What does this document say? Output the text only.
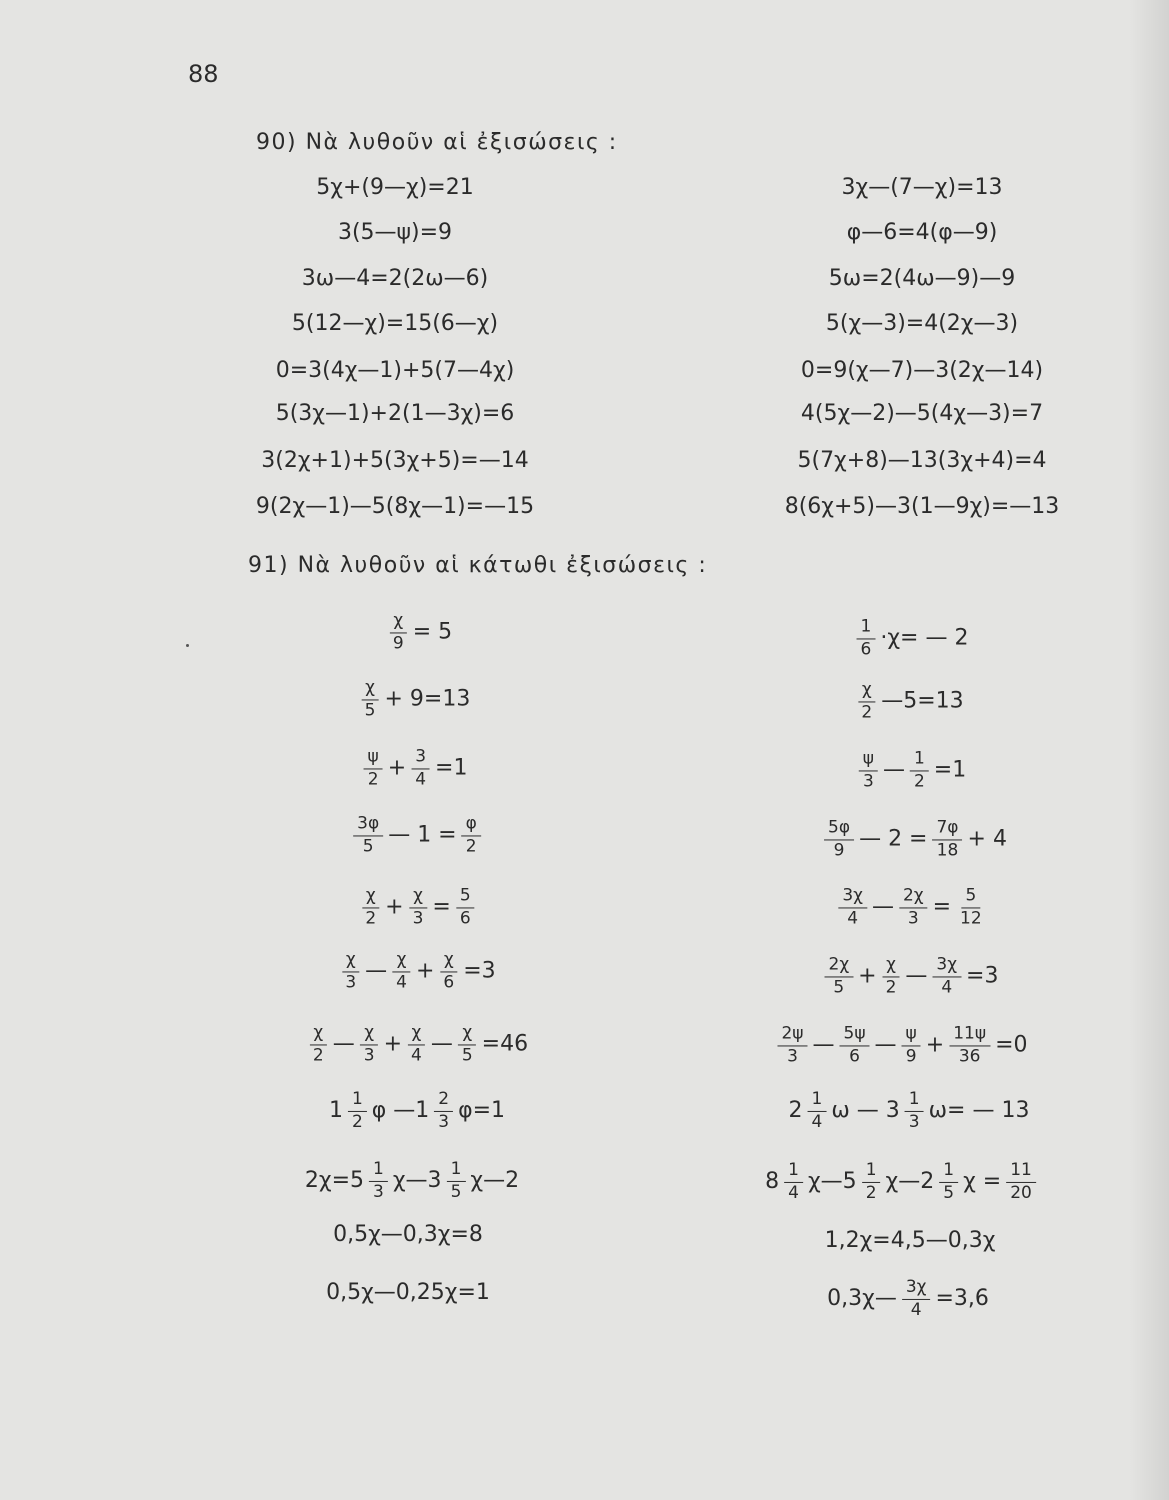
88
90) Νὰ λυθοῦν αἱ ἐξισώσεις :
5χ+(9—χ)=21
3(5—ψ)=9
3ω—4=2(2ω—6)
5(12—χ)=15(6—χ)
0=3(4χ—1)+5(7—4χ)
5(3χ—1)+2(1—3χ)=6
3(2χ+1)+5(3χ+5)=—14
9(2χ—1)—5(8χ—1)=—15
3χ—(7—χ)=13
φ—6=4(φ—9)
5ω=2(4ω—9)—9
5(χ—3)=4(2χ—3)
0=9(χ—7)—3(2χ—14)
4(5χ—2)—5(4χ—3)=7
5(7χ+8)—13(3χ+4)=4
8(6χ+5)—3(1—9χ)=—13
91) Νὰ λυθοῦν αἱ κάτωθι ἐξισώσεις :
$\frac{\chi}{9} = 5$
$\frac{\chi}{5} + 9=13$
$\frac{\psi}{2} + \frac{3}{4} =1$
$\frac{3\varphi}{5}$ — $1 = \frac{\varphi}{2}$
$\frac{\chi}{2} + \frac{\chi}{3} = \frac{5}{6}$
$\frac{\chi}{3}$ — $\frac{\chi}{4} + \frac{\chi}{6} =3$
$\frac{\chi}{2}$ — $\frac{\chi}{3} + \frac{\chi}{4}$ — $\frac{\chi}{5} =46$
$1 \frac{1}{2}$ φ —1 $\frac{2}{3} \varphi=1$
$2\chi=5 \frac{1}{3}$ χ—3 $\frac{1}{5}$ χ—2
0,5χ—0,3χ=8
0,5χ—0,25χ=1
$\frac{1}{6} \cdot\chi=$ — 2
$\frac{\chi}{2}$ —5=13
$\frac{\psi}{3}$ — $\frac{1}{2} =1$
$\frac{5\varphi}{9}$ — $2 = \frac{7\varphi}{18} + 4$
$\frac{3\chi}{4}$ — $\frac{2\chi}{3} = \frac{5}{12}$
$\frac{2\chi}{5} + \frac{\chi}{2}$ — $\frac{3\chi}{4} =3$
$\frac{2\psi}{3}$ — $\frac{5\psi}{6}$ — $\frac{\psi}{9} + \frac{11\psi}{36} =0$
$2 \frac{1}{4}$ ω — $3 \frac{1}{3} \omega=$ — 13
$8 \frac{1}{4}$ χ—5 $\frac{1}{2}$ χ—2 $\frac{1}{5}$ $\chi = \frac{11}{20}$
1,2χ=4,5—0,3χ
0,3χ— $\frac{3\chi}{4} =3,6$
